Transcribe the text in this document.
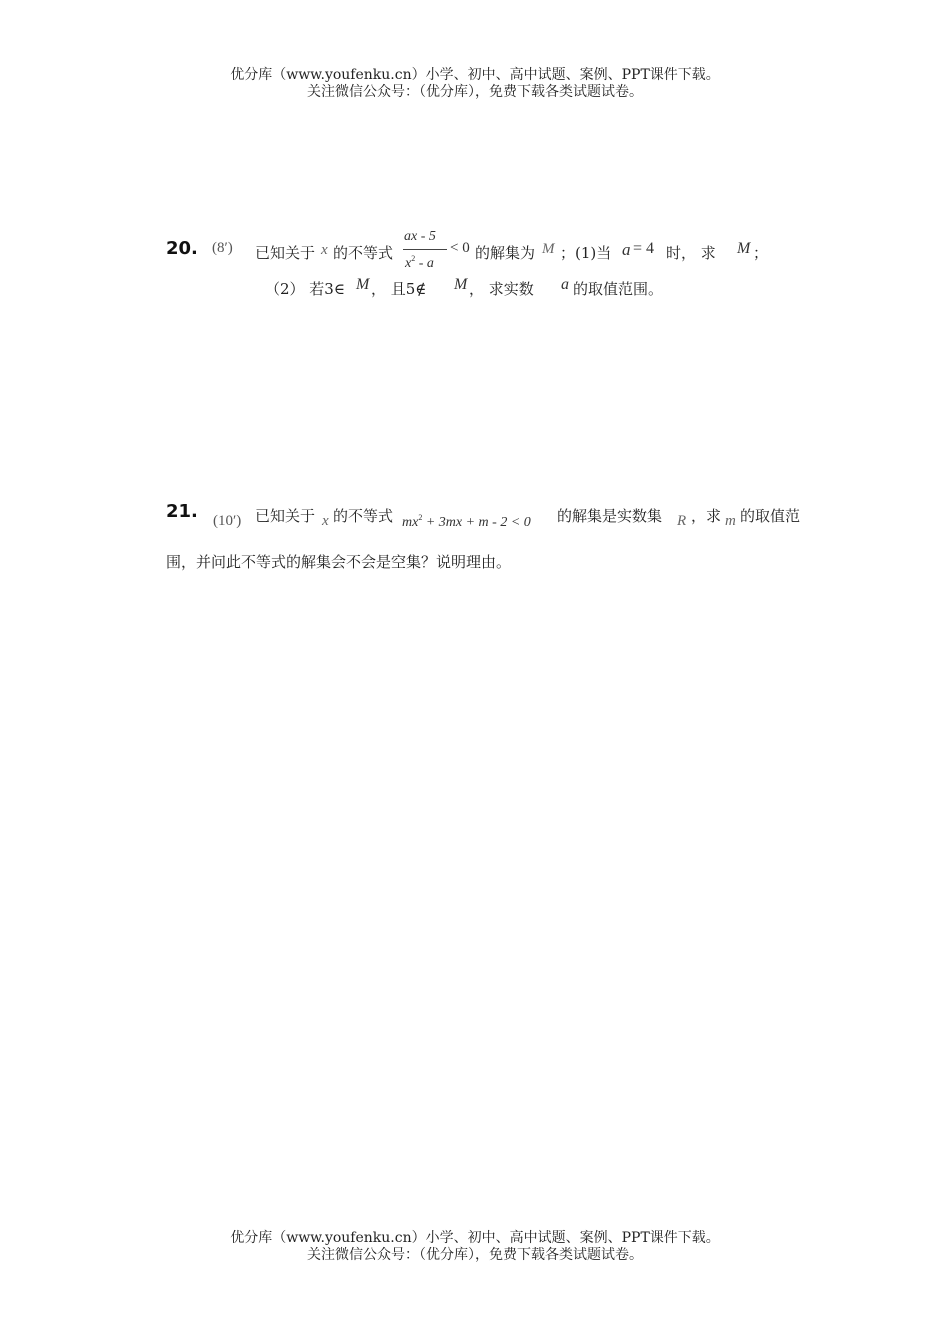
优分库（www.youfenku.cn）小学、初中、高中试题、案例、PPT课件下载。
关注微信公众号：（优分库），免费下载各类试题试卷。
20. (8′) 已知关于 x 的不等式
ax - 5
$x^2$ - a
< 0 的解集为 M ；(1)当 a = 4 时， 求 M ；
（2） 若3∈ M ， 且5∉ M ， 求实数 a 的取值范围。
21. (10′) 已知关于 x 的不等式 $mx^2 + 3mx + m - 2 < 0$ 的解集是实数集 R ，求 m 的取值范
围，并问此不等式的解集会不会是空集？说明理由。
优分库（www.youfenku.cn）小学、初中、高中试题、案例、PPT课件下载。
关注微信公众号：（优分库），免费下载各类试题试卷。
